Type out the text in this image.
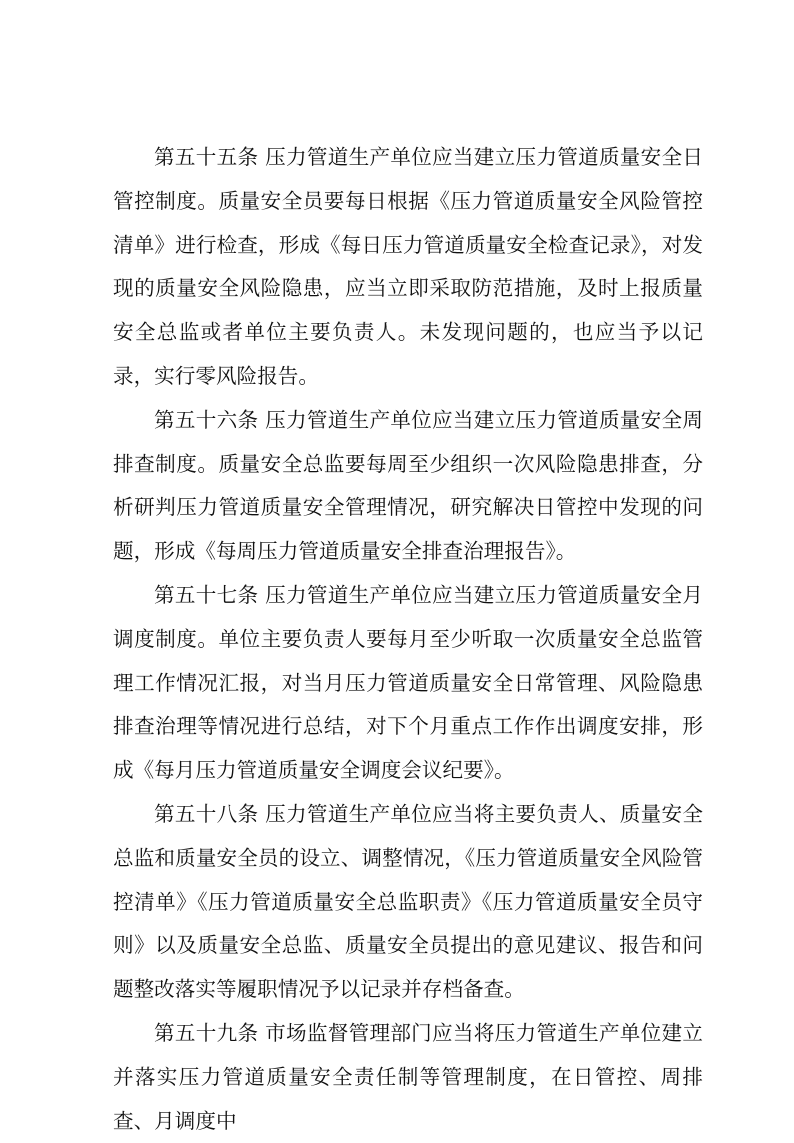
第五十五条 压力管道生产单位应当建立压力管道质量安全日管控制度。质量安全员要每日根据《压力管道质量安全风险管控清单》进行检查，形成《每日压力管道质量安全检查记录》，对发现的质量安全风险隐患，应当立即采取防范措施，及时上报质量安全总监或者单位主要负责人。未发现问题的，也应当予以记录，实行零风险报告。

第五十六条 压力管道生产单位应当建立压力管道质量安全周排查制度。质量安全总监要每周至少组织一次风险隐患排查，分析研判压力管道质量安全管理情况，研究解决日管控中发现的问题，形成《每周压力管道质量安全排查治理报告》。

第五十七条 压力管道生产单位应当建立压力管道质量安全月调度制度。单位主要负责人要每月至少听取一次质量安全总监管理工作情况汇报，对当月压力管道质量安全日常管理、风险隐患排查治理等情况进行总结，对下个月重点工作作出调度安排，形成《每月压力管道质量安全调度会议纪要》。

第五十八条 压力管道生产单位应当将主要负责人、质量安全总监和质量安全员的设立、调整情况，《压力管道质量安全风险管控清单》《压力管道质量安全总监职责》《压力管道质量安全员守则》以及质量安全总监、质量安全员提出的意见建议、报告和问题整改落实等履职情况予以记录并存档备查。

第五十九条 市场监督管理部门应当将压力管道生产单位建立并落实压力管道质量安全责任制等管理制度，在日管控、周排查、月调度中
